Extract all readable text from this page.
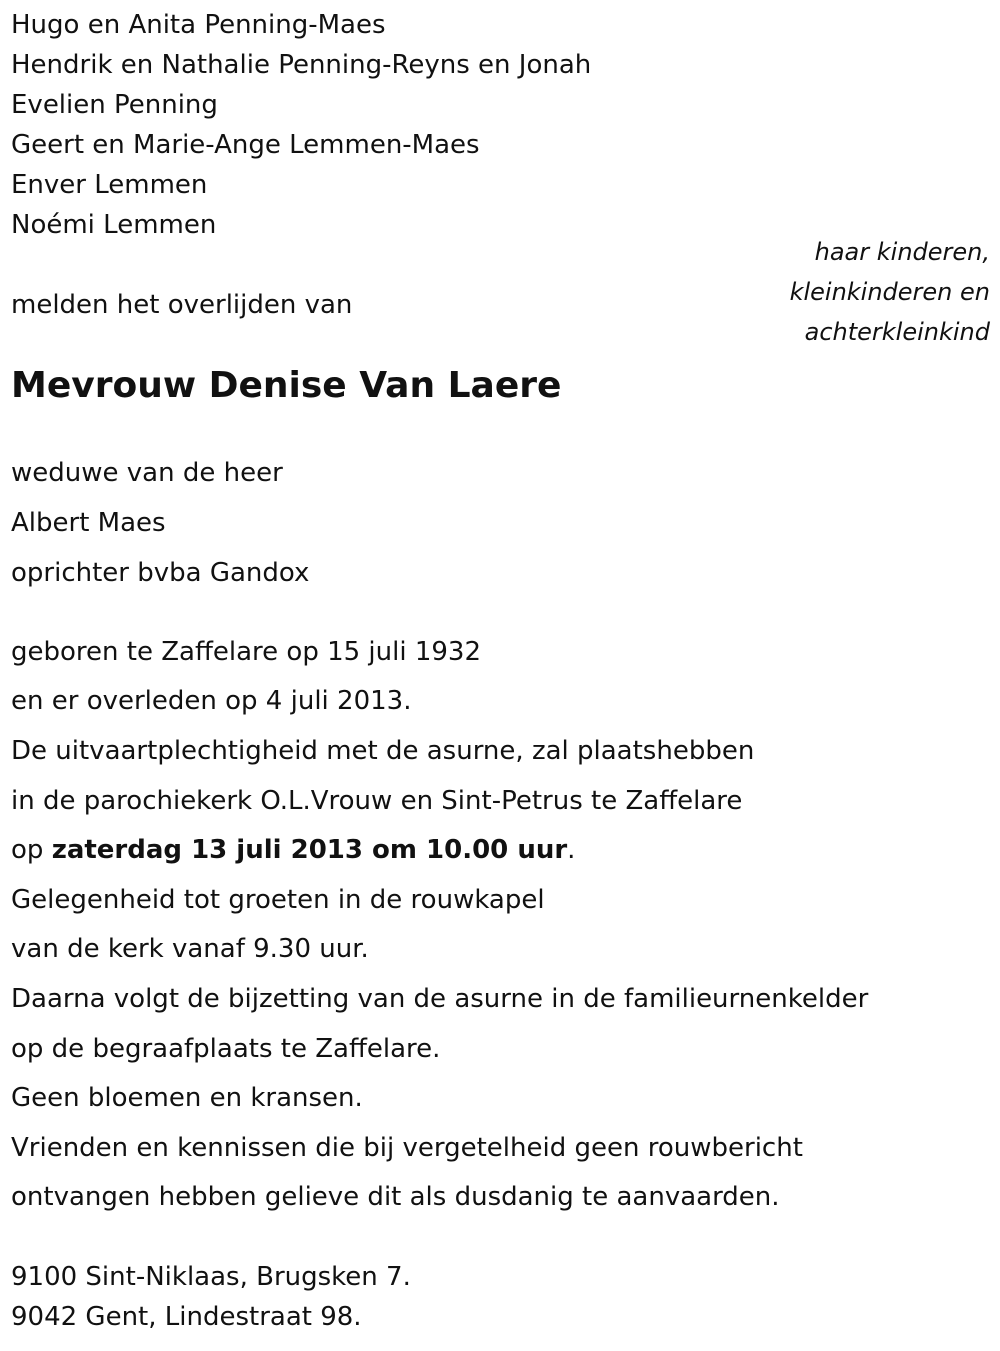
Hugo en Anita Penning-Maes
Hendrik en Nathalie Penning-Reyns en Jonah
Evelien Penning
Geert en Marie-Ange Lemmen-Maes
Enver Lemmen
Noémi Lemmen
haar kinderen,
kleinkinderen en
achterkleinkind
melden het overlijden van
Mevrouw Denise Van Laere
weduwe van de heer
Albert Maes
oprichter bvba Gandox
geboren te Zaffelare op 15 juli 1932
en er overleden op 4 juli 2013.
De uitvaartplechtigheid met de asurne, zal plaatshebben
in de parochiekerk O.L.Vrouw en Sint-Petrus te Zaffelare
op zaterdag 13 juli 2013 om 10.00 uur.
Gelegenheid tot groeten in de rouwkapel
van de kerk vanaf 9.30 uur.
Daarna volgt de bijzetting van de asurne in de familieurnenkelder
op de begraafplaats te Zaffelare.
Geen bloemen en kransen.
Vrienden en kennissen die bij vergetelheid geen rouwbericht
ontvangen hebben gelieve dit als dusdanig te aanvaarden.
9100 Sint-Niklaas, Brugsken 7.
9042 Gent, Lindestraat 98.
